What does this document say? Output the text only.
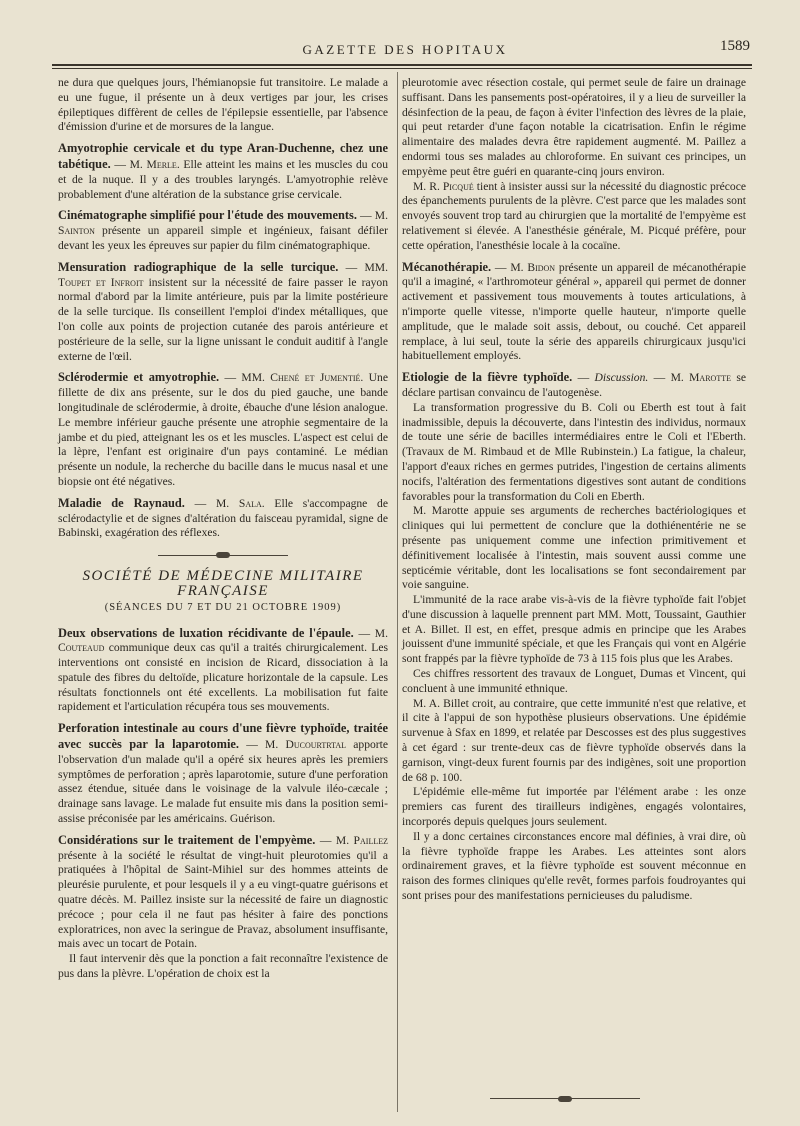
GAZETTE DES HOPITAUX	1589

ne dura que quelques jours, l'hémianopsie fut transitoire. Le malade a eu une fugue, il présente un à deux vertiges par jour, les crises épileptiques diffèrent de celles de l'épilepsie essentielle, par l'absence d'émission d'urine et de morsures de la langue.

Amyotrophie cervicale et du type Aran-Duchenne, chez une tabétique. — M. Merle. Elle atteint les mains et les muscles du cou et de la nuque. Il y a des troubles laryngés. L'amyotrophie relève probablement d'une altération de la substance grise cervicale.

Cinématographe simplifié pour l'étude des mouvements. — M. Sainton présente un appareil simple et ingénieux, faisant défiler devant les yeux les épreuves sur papier du film cinématographique.

Mensuration radiographique de la selle turcique. — MM. Toupet et Infroit insistent sur la nécessité de faire passer le rayon normal d'abord par la limite antérieure, puis par la limite postérieure de la selle turcique. Ils conseillent l'emploi d'index métalliques, que l'on colle aux points de projection cutanée des parois antérieure et postérieure de la selle, sur la ligne unissant le conduit auditif à l'angle externe de l'œil.

Sclérodermie et amyotrophie. — MM. Chené et Jumentié. Une fillette de dix ans présente, sur le dos du pied gauche, une bande longitudinale de sclérodermie, à droite, ébauche d'une lésion analogue. Le membre inférieur gauche présente une atrophie segmentaire de la jambe et du pied, atteignant les os et les muscles. L'aspect est celui de la lèpre, l'enfant est originaire d'un pays contaminé. Le médian présente un nodule, la recherche du bacille dans le mucus nasal et une biopsie ont été négatives.

Maladie de Raynaud. — M. Sala. Elle s'accompagne de sclérodactylie et de signes d'altération du faisceau pyramidal, signe de Babinski, exagération des réflexes.

SOCIÉTÉ DE MÉDECINE MILITAIRE FRANÇAISE
(SÉANCES DU 7 ET DU 21 OCTOBRE 1909)

Deux observations de luxation récidivante de l'épaule. — M. Couteaud communique deux cas qu'il a traités chirurgicalement. Les interventions ont consisté en incision de Ricard, dissociation à la spatule des fibres du deltoïde, plicature horizontale de la capsule. Les résultats fonctionnels ont été excellents. La mobilisation fut faite rapidement et l'articulation récupéra tous ses mouvements.

Perforation intestinale au cours d'une fièvre typhoïde, traitée avec succès par la laparotomie. — M. Ducourtrtal apporte l'observation d'un malade qu'il a opéré six heures après les premiers symptômes de perforation ; après laparotomie, suture d'une perforation assez étendue, située dans le voisinage de la valvule iléo-cæcale ; drainage sans lavage. Le malade fut ensuite mis dans la position semi-assise préconisée par les américains. Guérison.

Considérations sur le traitement de l'empyème. — M. Paillez présente à la société le résultat de vingt-huit pleurotomies qu'il a pratiquées à l'hôpital de Saint-Mihiel sur des hommes atteints de pleurésie purulente, et pour lesquels il y a eu vingt-quatre guérisons et quatre décès. M. Paillez insiste sur la nécessité de faire un diagnostic précoce ; pour cela il ne faut pas hésiter à faire des ponctions exploratrices, non avec la seringue de Pravaz, absolument insuffisante, mais avec un tocart de Potain.

Il faut intervenir dès que la ponction a fait reconnaître l'existence de pus dans la plèvre. L'opération de choix est la

pleurotomie avec résection costale, qui permet seule de faire un drainage suffisant. Dans les pansements post-opératoires, il y a lieu de surveiller la désinfection de la peau, de façon à éviter l'infection des lèvres de la plaie, qui peut retarder d'une façon notable la cicatrisation. Enfin le régime alimentaire des malades devra être rapidement augmenté. M. Paillez a endormi tous ses malades au chloroforme. En suivant ces principes, un empyème peut être guéri en quarante-cinq jours environ.

M. R. Picqué tient à insister aussi sur la nécessité du diagnostic précoce des épanchements purulents de la plèvre. C'est parce que les malades sont envoyés souvent trop tard au chirurgien que la mortalité de l'empyème est relativement si élevée. A l'anesthésie générale, M. Picqué préfère, pour cette opération, l'anesthésie locale à la cocaïne.

Mécanothérapie. — M. Bidon présente un appareil de mécanothérapie qu'il a imaginé, « l'arthromoteur général », appareil qui permet de donner activement et passivement tous mouvements à toutes articulations, à n'importe quelle vitesse, n'importe quelle hauteur, n'importe quelle amplitude, que le malade soit assis, debout, ou couché. Cet appareil remplace, à lui seul, toute la série des appareils chirurgicaux jusqu'ici habituellement employés.

Etiologie de la fièvre typhoïde. — Discussion. — M. Marotte se déclare partisan convaincu de l'autogenèse.

La transformation progressive du B. Coli ou Eberth est tout à fait inadmissible, depuis la découverte, dans l'intestin des individus, normaux de toute une série de bacilles intermédiaires entre le Coli et l'Eberth. (Travaux de M. Rimbaud et de Mlle Rubinstein.) La fatigue, la chaleur, l'apport d'eaux riches en germes putrides, l'ingestion de certains aliments nocifs, l'altération des fermentations digestives sont autant de conditions favorables pour la transformation du Coli en Eberth.

M. Marotte appuie ses arguments de recherches bactériologiques et cliniques qui lui permettent de conclure que la dothiénentérie ne se présente pas uniquement comme une infection primitivement et définitivement localisée à l'intestin, mais souvent aussi comme une septicémie véritable, dont les localisations se font secondairement par voie sanguine.

L'immunité de la race arabe vis-à-vis de la fièvre typhoïde fait l'objet d'une discussion à laquelle prennent part MM. Mott, Toussaint, Gauthier et A. Billet. Il est, en effet, presque admis en principe que les Arabes jouissent d'une immunité spéciale, et que les Français qui vont en Algérie sont frappés par la fièvre typhoïde de 73 à 115 fois plus que les Arabes.

Ces chiffres ressortent des travaux de Longuet, Dumas et Vincent, qui concluent à une immunité ethnique.

M. A. Billet croit, au contraire, que cette immunité n'est que relative, et il cite à l'appui de son hypothèse plusieurs observations. Une épidémie survenue à Sfax en 1899, et relatée par Descosses est des plus suggestives à cet égard : sur trente-deux cas de fièvre typhoïde observés dans la garnison, vingt-deux furent fournis par des indigènes, soit une proportion de 68 p. 100.

L'épidémie elle-même fut importée par l'élément arabe : les onze premiers cas furent des tirailleurs indigènes, engagés volontaires, incorporés depuis quelques jours seulement.

Il y a donc certaines circonstances encore mal définies, à vrai dire, où la fièvre typhoïde frappe les Arabes. Les atteintes sont alors ordinairement graves, et la fièvre typhoïde est souvent méconnue en raison des formes cliniques qu'elle revêt, formes parfois foudroyantes qui sont prises pour des manifestations pernicieuses du paludisme.
